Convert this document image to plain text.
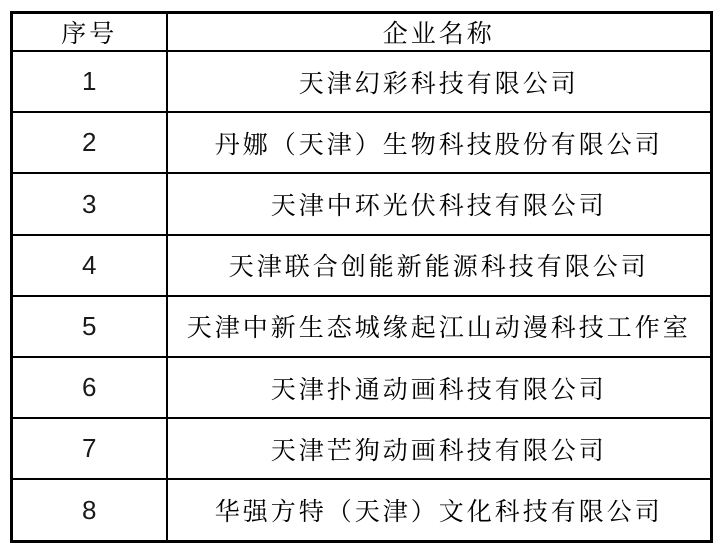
序号	企业名称
1	天津幻彩科技有限公司
2	丹娜（天津）生物科技股份有限公司
3	天津中环光伏科技有限公司
4	天津联合创能新能源科技有限公司
5	天津中新生态城缘起江山动漫科技工作室
6	天津扑通动画科技有限公司
7	天津芒狗动画科技有限公司
8	华强方特（天津）文化科技有限公司
